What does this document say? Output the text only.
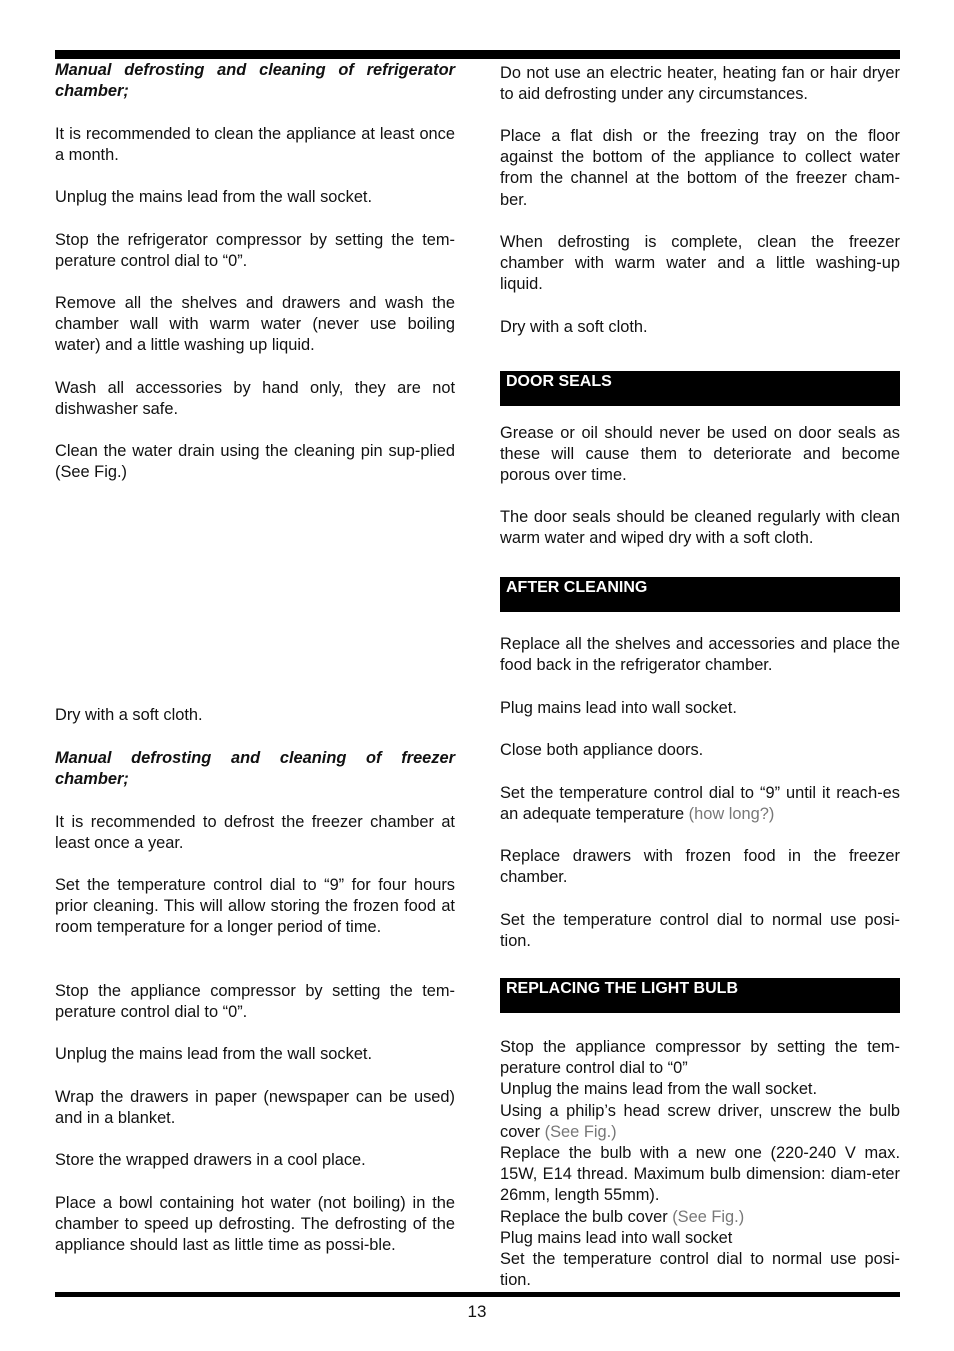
Manual defrosting and cleaning of refrigerator chamber;

It is recommended to clean the appliance at least once a month.

Unplug the mains lead from the wall socket.

Stop the refrigerator compressor by setting the tem-perature control dial to “0”.

Remove all the shelves and drawers and wash the chamber wall with warm water (never use boiling water) and a little washing up liquid.

Wash all accessories by hand only, they are not dishwasher safe.

Clean the water drain using the cleaning pin sup-plied (See Fig.)

Dry with a soft cloth.

Manual defrosting and cleaning of freezer chamber;

It is recommended to defrost the freezer chamber at least once a year.

Set the temperature control dial to “9” for four hours prior cleaning. This will allow storing the frozen food at room temperature for a longer period of time.

Stop the appliance compressor by setting the tem-perature control dial to “0”.

Unplug the mains lead from the wall socket.

Wrap the drawers in paper (newspaper can be used) and in a blanket.

Store the wrapped drawers in a cool place.

Place a bowl containing hot water (not boiling) in the chamber to speed up defrosting. The defrosting of the appliance should last as little time as possi-ble.

Do not use an electric heater, heating fan or hair dryer to aid defrosting under any circumstances.

Place a flat dish or the freezing tray on the floor against the bottom of the appliance to collect water from the channel at the bottom of the freezer cham-ber.

When defrosting is complete, clean the freezer chamber with warm water and a little washing-up liquid.

Dry with a soft cloth.

DOOR SEALS

Grease or oil should never be used on door seals as these will cause them to deteriorate and become porous over time.

The door seals should be cleaned regularly with clean warm water and wiped dry with a soft cloth.

AFTER CLEANING

Replace all the shelves and accessories and place the food back in the refrigerator chamber.

Plug mains lead into wall socket.

Close both appliance doors.

Set the temperature control dial to “9” until it reach-es an adequate temperature (how long?)

Replace drawers with frozen food in the freezer chamber.

Set the temperature control dial to normal use posi-tion.

REPLACING THE LIGHT BULB
Stop the appliance compressor by setting the tem-perature control dial to “0”
Unplug the mains lead from the wall socket.
Using a philip’s head screw driver, unscrew the bulb cover (See Fig.)
Replace the bulb with a new one (220-240 V max. 15W, E14 thread. Maximum bulb dimension: diam-eter 26mm, length 55mm).
Replace the bulb cover (See Fig.)
Plug mains lead into wall socket
Set the temperature control dial to normal use posi-tion.
13
